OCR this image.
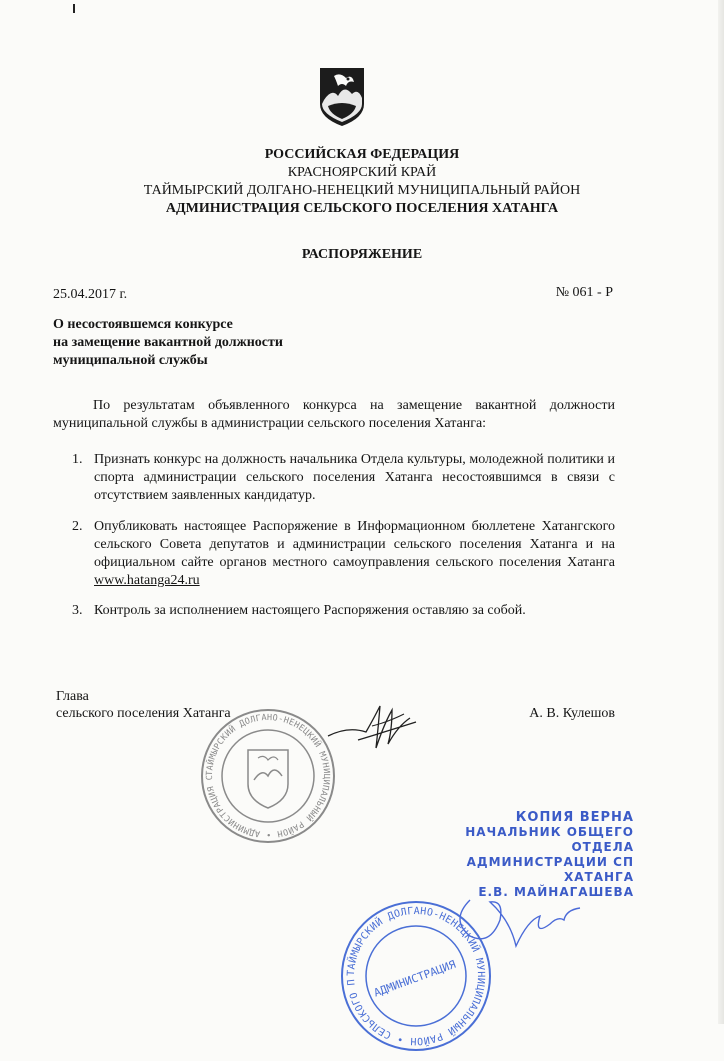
РОССИЙСКАЯ ФЕДЕРАЦИЯ
КРАСНОЯРСКИЙ КРАЙ
ТАЙМЫРСКИЙ ДОЛГАНО-НЕНЕЦКИЙ МУНИЦИПАЛЬНЫЙ РАЙОН
АДМИНИСТРАЦИЯ СЕЛЬСКОГО ПОСЕЛЕНИЯ ХАТАНГА
РАСПОРЯЖЕНИЕ
25.04.2017 г.	№ 061 - Р
О несостоявшемся конкурсе
на замещение вакантной должности
муниципальной службы
По результатам объявленного конкурса на замещение вакантной должности муниципальной службы в администрации сельского поселения Хатанга:
1. Признать конкурс на должность начальника Отдела культуры, молодежной политики и спорта администрации сельского поселения Хатанга несостоявшимся в связи с отсутствием заявленных кандидатур.
2. Опубликовать настоящее Распоряжение в Информационном бюллетене Хатангского сельского Совета депутатов и администрации сельского поселения Хатанга и на официальном сайте органов местного самоуправления сельского поселения Хатанга www.hatanga24.ru
3. Контроль за исполнением настоящего Распоряжения оставляю за собой.
Глава
сельского поселения Хатанга	А. В. Кулешов
ТАЙМЫРСКИЙ ДОЛГАНО-НЕНЕЦКИЙ МУНИЦИПАЛЬНЫЙ РАЙОН • АДМИНИСТРАЦИЯ С
КОПИЯ ВЕРНА
НАЧАЛЬНИК ОБЩЕГО ОТДЕЛА
АДМИНИСТРАЦИИ СП ХАТАНГА
Е.В. МАЙНАГАШЕВА
ТАЙМЫРСКИЙ ДОЛГАНО-НЕНЕЦКИЙ МУНИЦИПАЛЬНЫЙ РАЙОН • СЕЛЬСКОГО П	АДМИНИСТРАЦИЯ
